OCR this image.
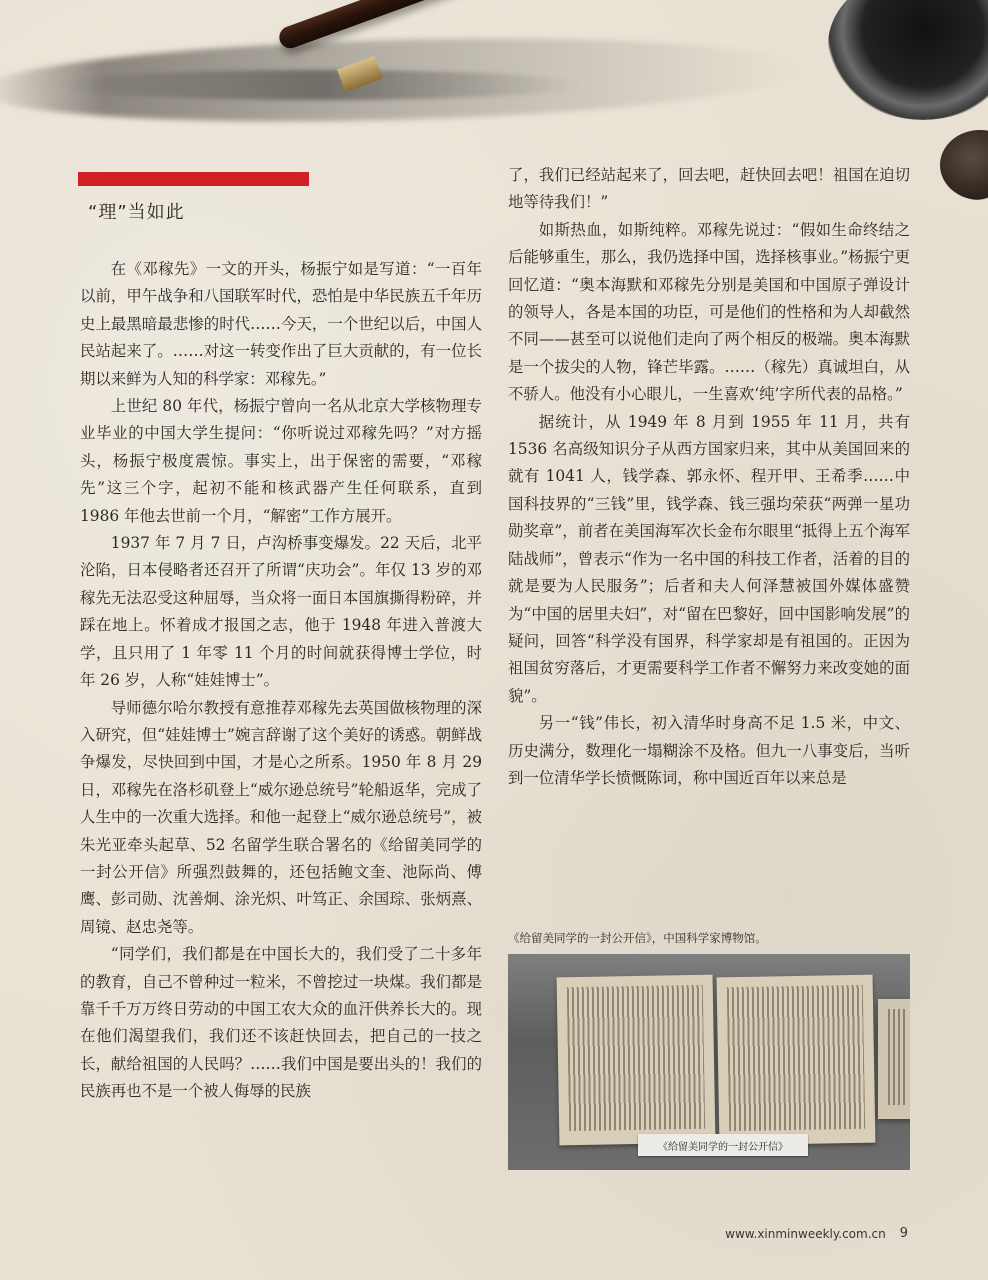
“理”当如此

在《邓稼先》一文的开头，杨振宁如是写道：“一百年以前，甲午战争和八国联军时代，恐怕是中华民族五千年历史上最黑暗最悲惨的时代……今天，一个世纪以后，中国人民站起来了。……对这一转变作出了巨大贡献的，有一位长期以来鲜为人知的科学家：邓稼先。”

上世纪 80 年代，杨振宁曾向一名从北京大学核物理专业毕业的中国大学生提问：“你听说过邓稼先吗？”对方摇头，杨振宁极度震惊。事实上，出于保密的需要，“邓稼先”这三个字，起初不能和核武器产生任何联系，直到 1986 年他去世前一个月，“解密”工作方展开。

1937 年 7 月 7 日，卢沟桥事变爆发。22 天后，北平沦陷，日本侵略者还召开了所谓“庆功会”。年仅 13 岁的邓稼先无法忍受这种屈辱，当众将一面日本国旗撕得粉碎，并踩在地上。怀着成才报国之志，他于 1948 年进入普渡大学，且只用了 1 年零 11 个月的时间就获得博士学位，时年 26 岁，人称“娃娃博士”。

导师德尔哈尔教授有意推荐邓稼先去英国做核物理的深入研究，但“娃娃博士”婉言辞谢了这个美好的诱惑。朝鲜战争爆发，尽快回到中国，才是心之所系。1950 年 8 月 29 日，邓稼先在洛杉矶登上“威尔逊总统号”轮船返华，完成了人生中的一次重大选择。和他一起登上“威尔逊总统号”，被朱光亚牵头起草、52 名留学生联合署名的《给留美同学的一封公开信》所强烈鼓舞的，还包括鲍文奎、池际尚、傅鹰、彭司勋、沈善炯、涂光炽、叶笃正、余国琮、张炳熹、周镜、赵忠尧等。

“同学们，我们都是在中国长大的，我们受了二十多年的教育，自己不曾种过一粒米，不曾挖过一块煤。我们都是靠千千万万终日劳动的中国工农大众的血汗供养长大的。现在他们渴望我们，我们还不该赶快回去，把自己的一技之长，献给祖国的人民吗？……我们中国是要出头的！我们的民族再也不是一个被人侮辱的民族

了，我们已经站起来了，回去吧，赶快回去吧！祖国在迫切地等待我们！”

如斯热血，如斯纯粹。邓稼先说过：“假如生命终结之后能够重生，那么，我仍选择中国，选择核事业。”杨振宁更回忆道：“奥本海默和邓稼先分别是美国和中国原子弹设计的领导人，各是本国的功臣，可是他们的性格和为人却截然不同——甚至可以说他们走向了两个相反的极端。奥本海默是一个拔尖的人物，锋芒毕露。……（稼先）真诚坦白，从不骄人。他没有小心眼儿，一生喜欢‘纯’字所代表的品格。”

据统计，从 1949 年 8 月到 1955 年 11 月，共有 1536 名高级知识分子从西方国家归来，其中从美国回来的就有 1041 人，钱学森、郭永怀、程开甲、王希季……中国科技界的“三钱”里，钱学森、钱三强均荣获“两弹一星功勋奖章”，前者在美国海军次长金布尔眼里“抵得上五个海军陆战师”，曾表示“作为一名中国的科技工作者，活着的目的就是要为人民服务”；后者和夫人何泽慧被国外媒体盛赞为“中国的居里夫妇”，对“留在巴黎好，回中国影响发展”的疑问，回答“科学没有国界，科学家却是有祖国的。正因为祖国贫穷落后，才更需要科学工作者不懈努力来改变她的面貌”。

另一“钱”伟长，初入清华时身高不足 1.5 米，中文、历史满分，数理化一塌糊涂不及格。但九一八事变后，当听到一位清华学长愤慨陈词，称中国近百年以来总是

《给留美同学的一封公开信》，中国科学家博物馆。
《给留美同学的一封公开信》
www.xinminweekly.com.cn 9
